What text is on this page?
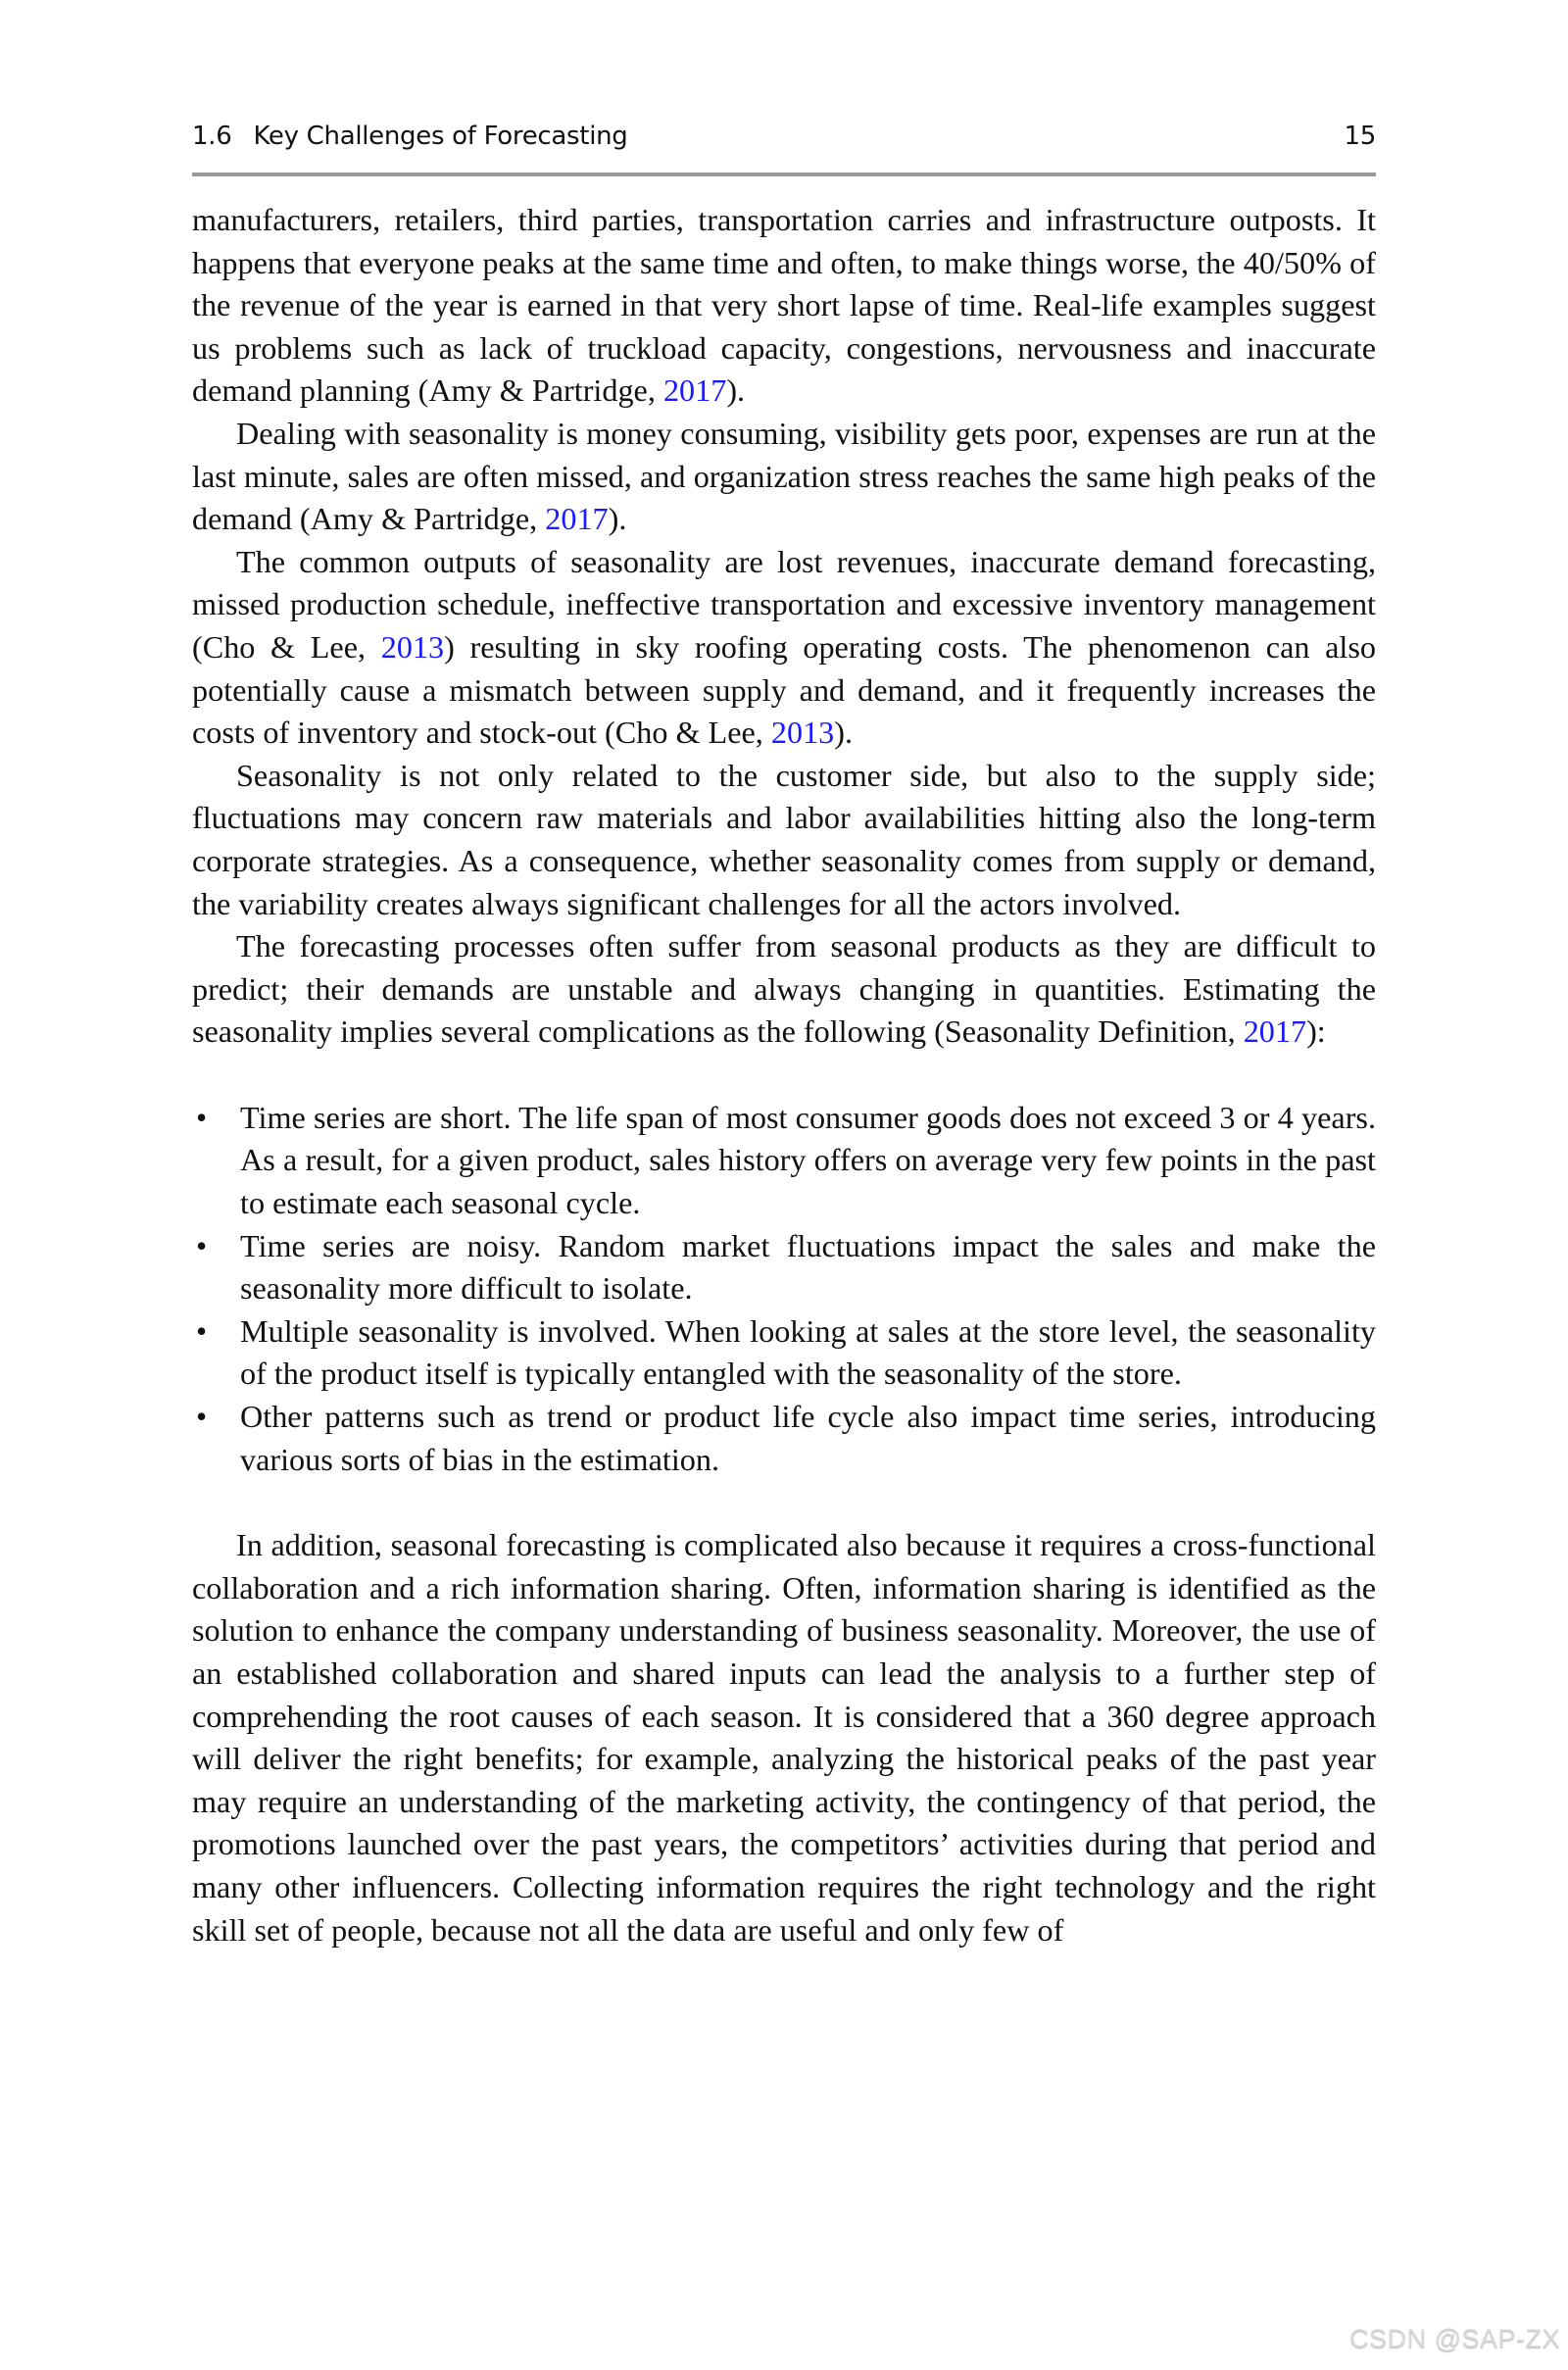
1.6 Key Challenges of Forecasting	15

manufacturers, retailers, third parties, transportation carries and infrastructure outposts. It happens that everyone peaks at the same time and often, to make things worse, the 40/50% of the revenue of the year is earned in that very short lapse of time. Real-life examples suggest us problems such as lack of truckload capacity, congestions, nervousness and inaccurate demand planning (Amy & Partridge, 2017).

Dealing with seasonality is money consuming, visibility gets poor, expenses are run at the last minute, sales are often missed, and organization stress reaches the same high peaks of the demand (Amy & Partridge, 2017).

The common outputs of seasonality are lost revenues, inaccurate demand forecasting, missed production schedule, ineffective transportation and excessive inventory management (Cho & Lee, 2013) resulting in sky roofing operating costs. The phenomenon can also potentially cause a mismatch between supply and demand, and it frequently increases the costs of inventory and stock-out (Cho & Lee, 2013).

Seasonality is not only related to the customer side, but also to the supply side; fluctuations may concern raw materials and labor availabilities hitting also the long-term corporate strategies. As a consequence, whether seasonality comes from supply or demand, the variability creates always significant challenges for all the actors involved.

The forecasting processes often suffer from seasonal products as they are difficult to predict; their demands are unstable and always changing in quantities. Estimating the seasonality implies several complications as the following (Seasonality Definition, 2017):

• Time series are short. The life span of most consumer goods does not exceed 3 or 4 years. As a result, for a given product, sales history offers on average very few points in the past to estimate each seasonal cycle.
• Time series are noisy. Random market fluctuations impact the sales and make the seasonality more difficult to isolate.
• Multiple seasonality is involved. When looking at sales at the store level, the seasonality of the product itself is typically entangled with the seasonality of the store.
• Other patterns such as trend or product life cycle also impact time series, introducing various sorts of bias in the estimation.

In addition, seasonal forecasting is complicated also because it requires a cross-functional collaboration and a rich information sharing. Often, information sharing is identified as the solution to enhance the company understanding of business seasonality. Moreover, the use of an established collaboration and shared inputs can lead the analysis to a further step of comprehending the root causes of each season. It is considered that a 360 degree approach will deliver the right benefits; for example, analyzing the historical peaks of the past year may require an understanding of the marketing activity, the contingency of that period, the promotions launched over the past years, the competitors’ activities during that period and many other influencers. Collecting information requires the right technology and the right skill set of people, because not all the data are useful and only few of

CSDN @SAP-ZX
